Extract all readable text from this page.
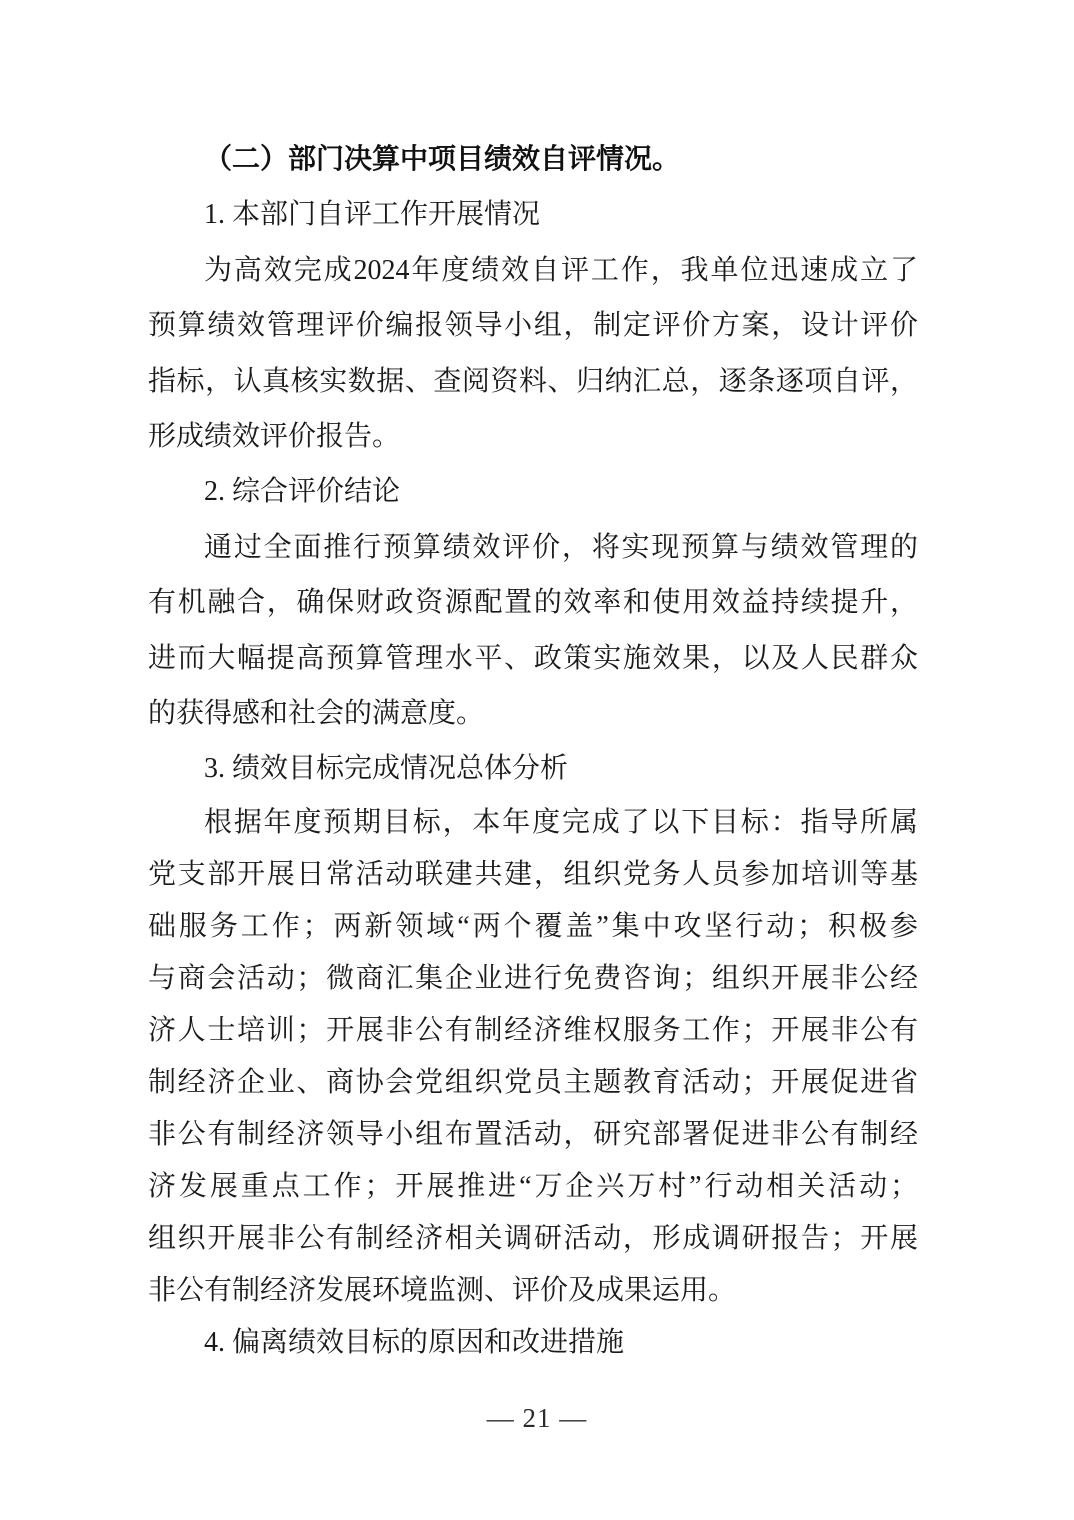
（二）部门决算中项目绩效自评情况。
1. 本部门自评工作开展情况
为高效完成2024年度绩效自评工作，我单位迅速成立了
预算绩效管理评价编报领导小组，制定评价方案，设计评价
指标，认真核实数据、查阅资料、归纳汇总，逐条逐项自评，
形成绩效评价报告。
2. 综合评价结论
通过全面推行预算绩效评价，将实现预算与绩效管理的
有机融合，确保财政资源配置的效率和使用效益持续提升，
进而大幅提高预算管理水平、政策实施效果，以及人民群众
的获得感和社会的满意度。
3. 绩效目标完成情况总体分析
根据年度预期目标，本年度完成了以下目标：指导所属
党支部开展日常活动联建共建，组织党务人员参加培训等基
础服务工作；两新领域“两个覆盖”集中攻坚行动；积极参
与商会活动；微商汇集企业进行免费咨询；组织开展非公经
济人士培训；开展非公有制经济维权服务工作；开展非公有
制经济企业、商协会党组织党员主题教育活动；开展促进省
非公有制经济领导小组布置活动，研究部署促进非公有制经
济发展重点工作；开展推进“万企兴万村”行动相关活动；
组织开展非公有制经济相关调研活动，形成调研报告；开展
非公有制经济发展环境监测、评价及成果运用。
4. 偏离绩效目标的原因和改进措施
— 21 —
